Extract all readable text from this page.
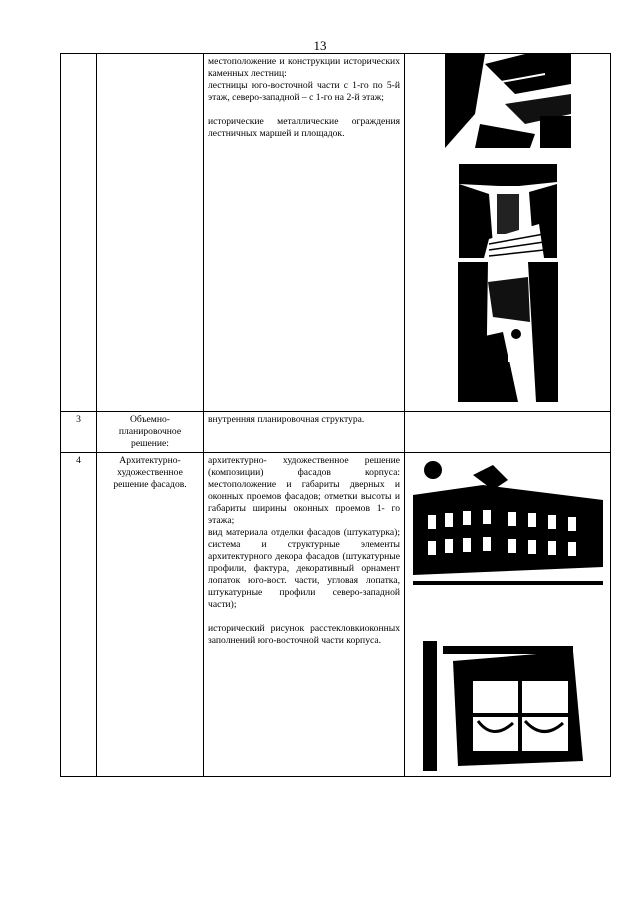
13

		местоположение и конструкции исторических каменных лестниц:

лестницы юго-восточной части с 1-го по 5-й этаж, северо-западной – с 1-го на 2-й этаж;

исторические металлические ограждения лестничных маршей и площадок.

3	Объемно-планировочное решение:	внутренняя планировочная структура.	

4	Архитектурно-художественное решение фасадов.	архитектурно- художественное решение (композиции) фасадов корпуса: местоположение и габариты дверных и оконных проемов фасадов; отметки высоты и габариты ширины оконных проемов 1- го этажа;

вид материала отделки фасадов (штукатурка); система и структурные элементы архитектурного декора фасадов (штукатурные профили, фактура, декоративный орнамент лопаток юго-вост. части, угловая лопатка, штукатурные профили северо-западной части);

исторический рисунок расстекловкиоконных заполнений юго-восточной части корпуса.
